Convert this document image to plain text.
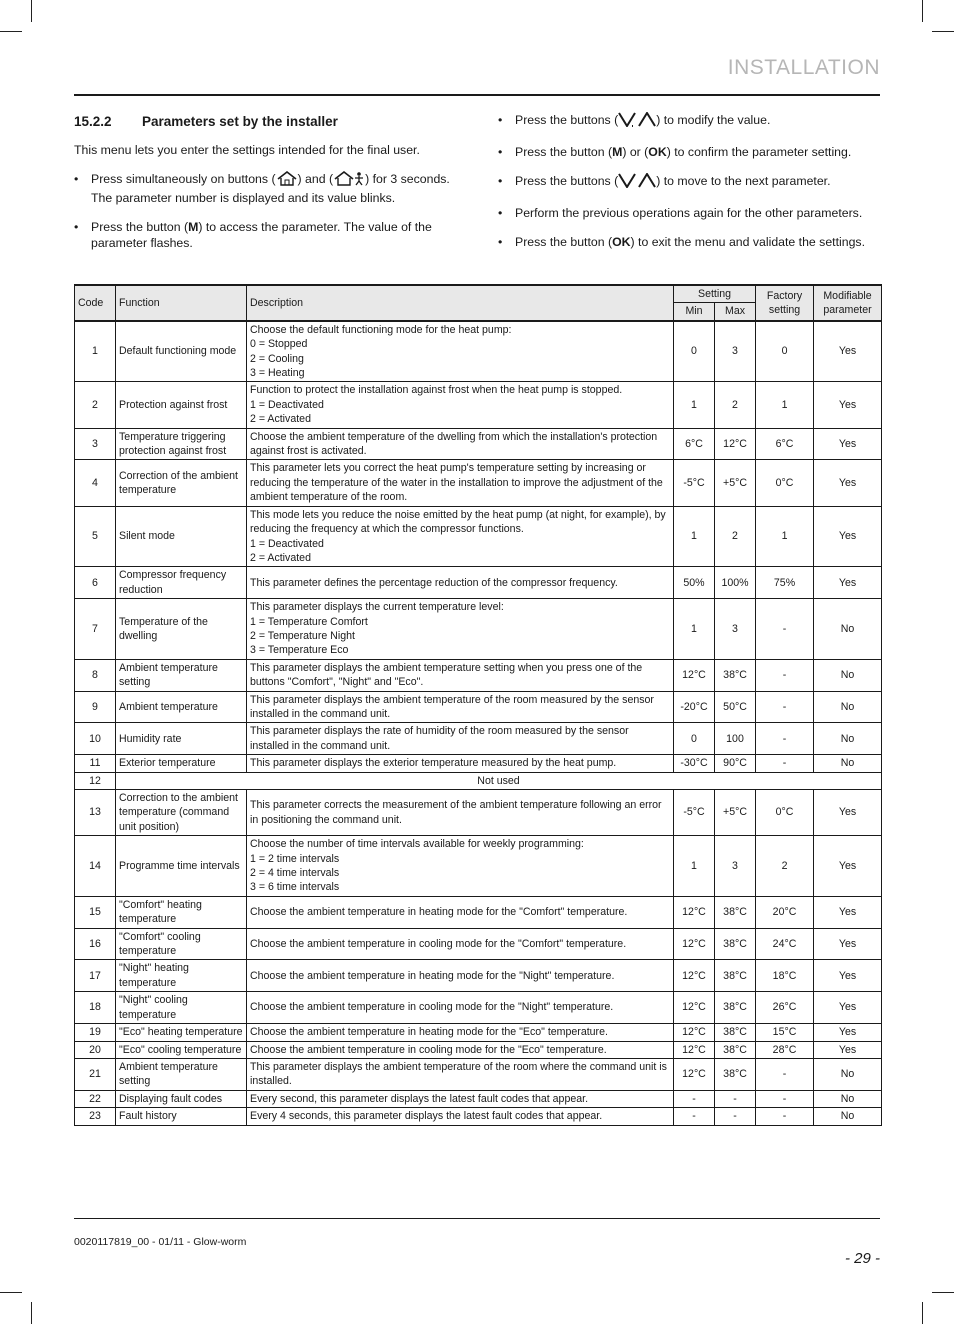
INSTALLATION
15.2.2 Parameters set by the installer

This menu lets you enter the settings intended for the final user.

• Press simultaneously on buttons ( ) and (	) for 3 seconds. The parameter number is displayed and its value blinks.
• Press the button (M) to access the parameter. The value of the parameter flashes.
• Press the buttons (	) to modify the value.
• Press the button (M) or (OK) to confirm the parameter setting.
• Press the buttons (	) to move to the next parameter.
• Perform the previous operations again for the other parameters.
• Press the button (OK) to exit the menu and validate the settings.
Code	Function	Description	Setting		Factory setting	Modifiable parameter
			Min	Max		
1	Default functioning mode	Choose the default functioning mode for the heat pump:
0 = Stopped
2 = Cooling
3 = Heating	0	3	0	Yes
2	Protection against frost	Function to protect the installation against frost when the heat pump is stopped.
1 = Deactivated
2 = Activated	1	2	1	Yes
3	Temperature triggering protection against frost	Choose the ambient temperature of the dwelling from which the installation's protection against frost is activated.	6°C	12°C	6°C	Yes
4	Correction of the ambient temperature	This parameter lets you correct the heat pump's temperature setting by increasing or reducing the temperature of the water in the installation to improve the adjustment of the ambient temperature of the room.	-5°C	+5°C	0°C	Yes
5	Silent mode	This mode lets you reduce the noise emitted by the heat pump (at night, for example), by reducing the frequency at which the compressor functions.
1 = Deactivated
2 = Activated	1	2	1	Yes
6	Compressor frequency reduction	This parameter defines the percentage reduction of the compressor frequency.	50%	100%	75%	Yes
7	Temperature of the dwelling	This parameter displays the current temperature level:
1 = Temperature Comfort
2 = Temperature Night
3 = Temperature Eco	1	3	-	No
8	Ambient temperature setting	This parameter displays the ambient temperature setting when you press one of the buttons "Comfort", "Night" and "Eco".	12°C	38°C	-	No
9	Ambient temperature	This parameter displays the ambient temperature of the room measured by the sensor installed in the command unit.	-20°C	50°C	-	No
10	Humidity rate	This parameter displays the rate of humidity of the room measured by the sensor installed in the command unit.	0	100	-	No
11	Exterior temperature	This parameter displays the exterior temperature measured by the heat pump.	-30°C	90°C	-	No
12	Not used					
13	Correction to the ambient temperature (command unit position)	This parameter corrects the measurement of the ambient temperature following an error in positioning the command unit.	-5°C	+5°C	0°C	Yes
14	Programme time intervals	Choose the number of time intervals available for weekly programming:
1 = 2 time intervals
2 = 4 time intervals
3 = 6 time intervals	1	3	2	Yes
15	"Comfort" heating temperature	Choose the ambient temperature in heating mode for the "Comfort" temperature.	12°C	38°C	20°C	Yes
16	"Comfort" cooling temperature	Choose the ambient temperature in cooling mode for the "Comfort" temperature.	12°C	38°C	24°C	Yes
17	"Night" heating temperature	Choose the ambient temperature in heating mode for the "Night" temperature.	12°C	38°C	18°C	Yes
18	"Night" cooling temperature	Choose the ambient temperature in cooling mode for the "Night" temperature.	12°C	38°C	26°C	Yes
19	"Eco" heating temperature	Choose the ambient temperature in heating mode for the "Eco" temperature.	12°C	38°C	15°C	Yes
20	"Eco" cooling temperature	Choose the ambient temperature in cooling mode for the "Eco" temperature.	12°C	38°C	28°C	Yes
21	Ambient temperature setting	This parameter displays the ambient temperature of the room where the command unit is installed.	12°C	38°C	-	No
22	Displaying fault codes	Every second, this parameter displays the latest fault codes that appear.	-	-	-	No
23	Fault history	Every 4 seconds, this parameter displays the latest fault codes that appear.	-	-	-	No
0020117819_00 - 01/11 - Glow-worm
- 29 -
